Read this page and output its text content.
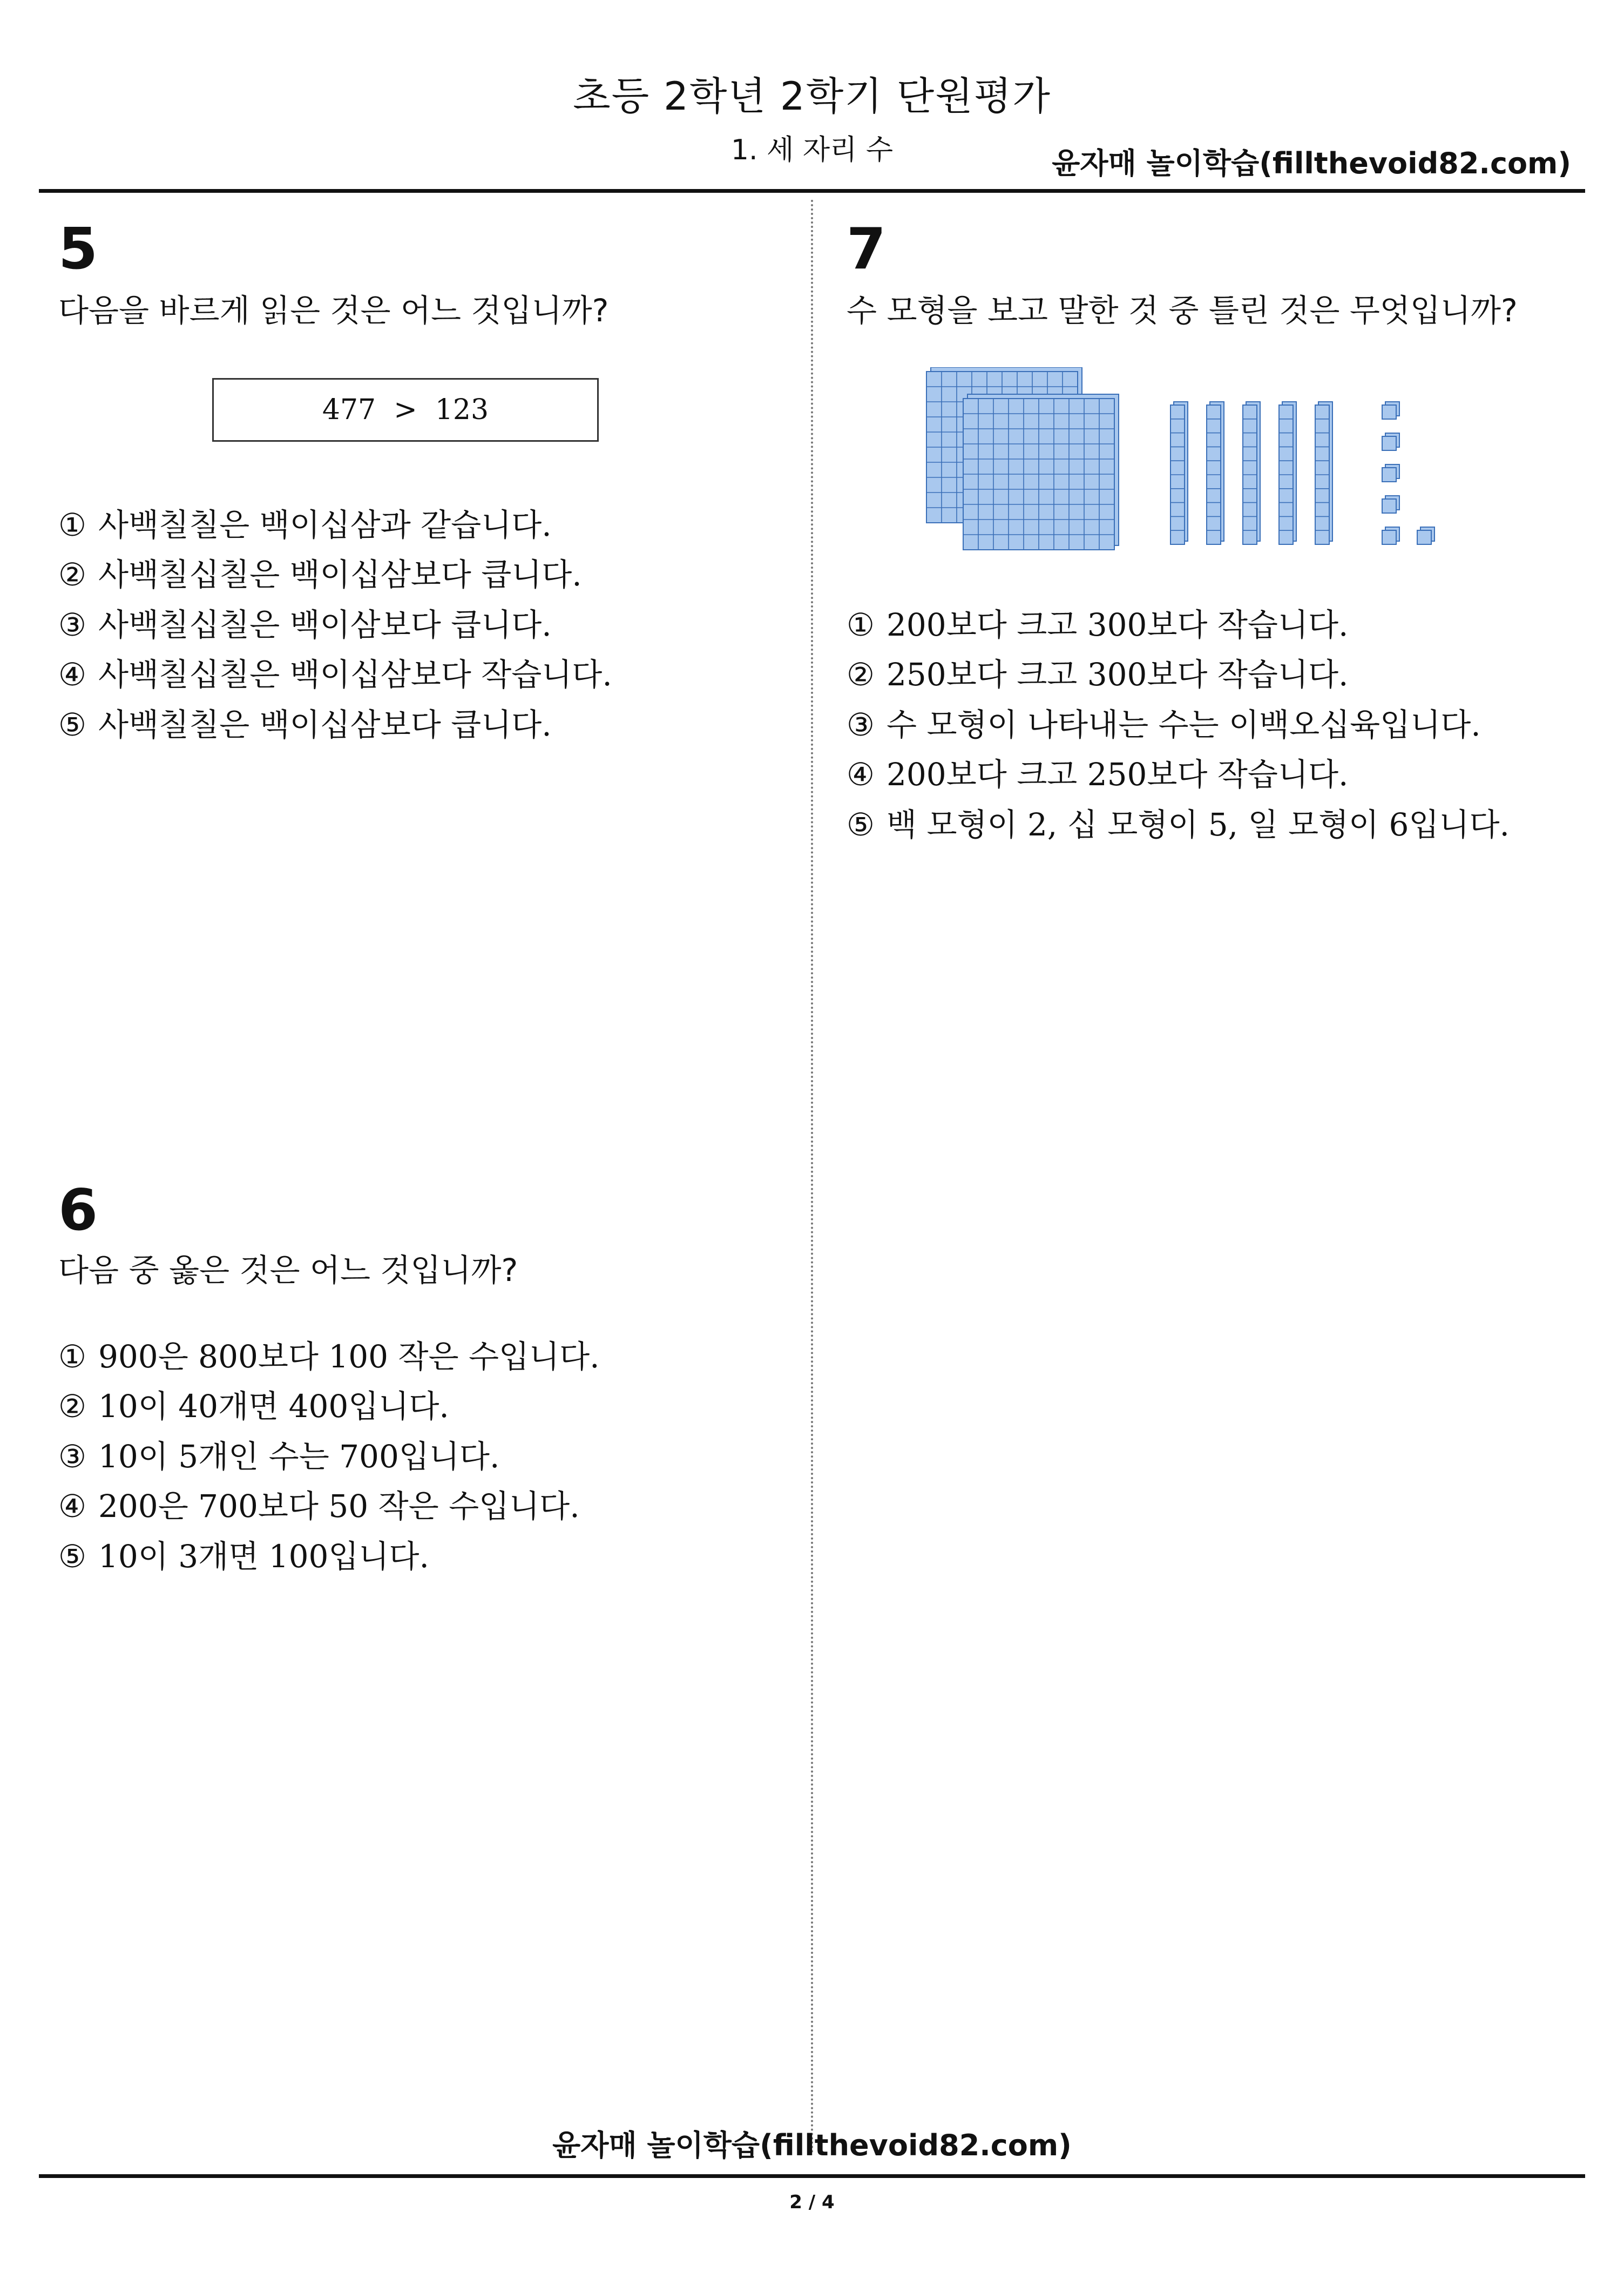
초등 2학년 2학기 단원평가
1. 세 자리 수	윤자매 놀이학습(fillthevoid82.com)
5
다음을 바르게 읽은 것은 어느 것입니까?
477  >  123
① 사백칠칠은 백이십삼과 같습니다.
② 사백칠십칠은 백이십삼보다 큽니다.
③ 사백칠십칠은 백이삼보다 큽니다.
④ 사백칠십칠은 백이십삼보다 작습니다.
⑤ 사백칠칠은 백이십삼보다 큽니다.
6
다음 중 옳은 것은 어느 것입니까?
① 900은 800보다 100 작은 수입니다.
② 10이 40개면 400입니다.
③ 10이 5개인 수는 700입니다.
④ 200은 700보다 50 작은 수입니다.
⑤ 10이 3개면 100입니다.
7
수 모형을 보고 말한 것 중 틀린 것은 무엇입니까?
① 200보다 크고 300보다 작습니다.
② 250보다 크고 300보다 작습니다.
③ 수 모형이 나타내는 수는 이백오십육입니다.
④ 200보다 크고 250보다 작습니다.
⑤ 백 모형이 2, 십 모형이 5, 일 모형이 6입니다.
윤자매 놀이학습(fillthevoid82.com)
2 / 4
